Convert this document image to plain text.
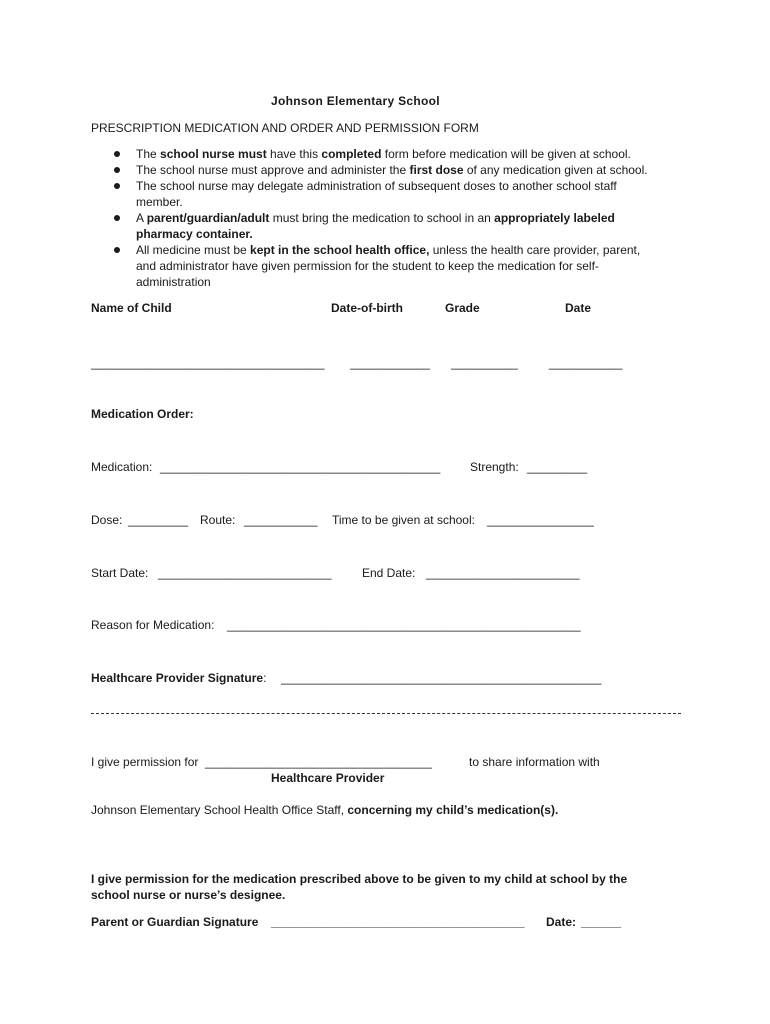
Johnson Elementary School
PRESCRIPTION MEDICATION AND ORDER AND PERMISSION FORM
The school nurse must have this completed form before medication will be given at school.
The school nurse must approve and administer the first dose of any medication given at school.
The school nurse may delegate administration of subsequent doses to another school staff
member.
A parent/guardian/adult must bring the medication to school in an appropriately labeled
pharmacy container.
All medicine must be kept in the school health office, unless the health care provider, parent,
and administrator have given permission for the student to keep the medication for self-
administration
Name of Child	Date-of-birth	Grade	Date
___________________________________ ____________ __________	___________
Medication Order:
Medication: __________________________________________ Strength: _________
Dose: _________ Route: ___________ Time to be given at school: ________________
Start Date: __________________________	End Date: _______________________
Reason for Medication: _____________________________________________________
Healthcare Provider Signature: ________________________________________________
I give permission for __________________________________	to share information with
Healthcare Provider
Johnson Elementary School Health Office Staff, concerning my child’s medication(s).
I give permission for the medication prescribed above to be given to my child at school by the
school nurse or nurse’s designee.
Parent or Guardian Signature ______________________________________ Date: ______
